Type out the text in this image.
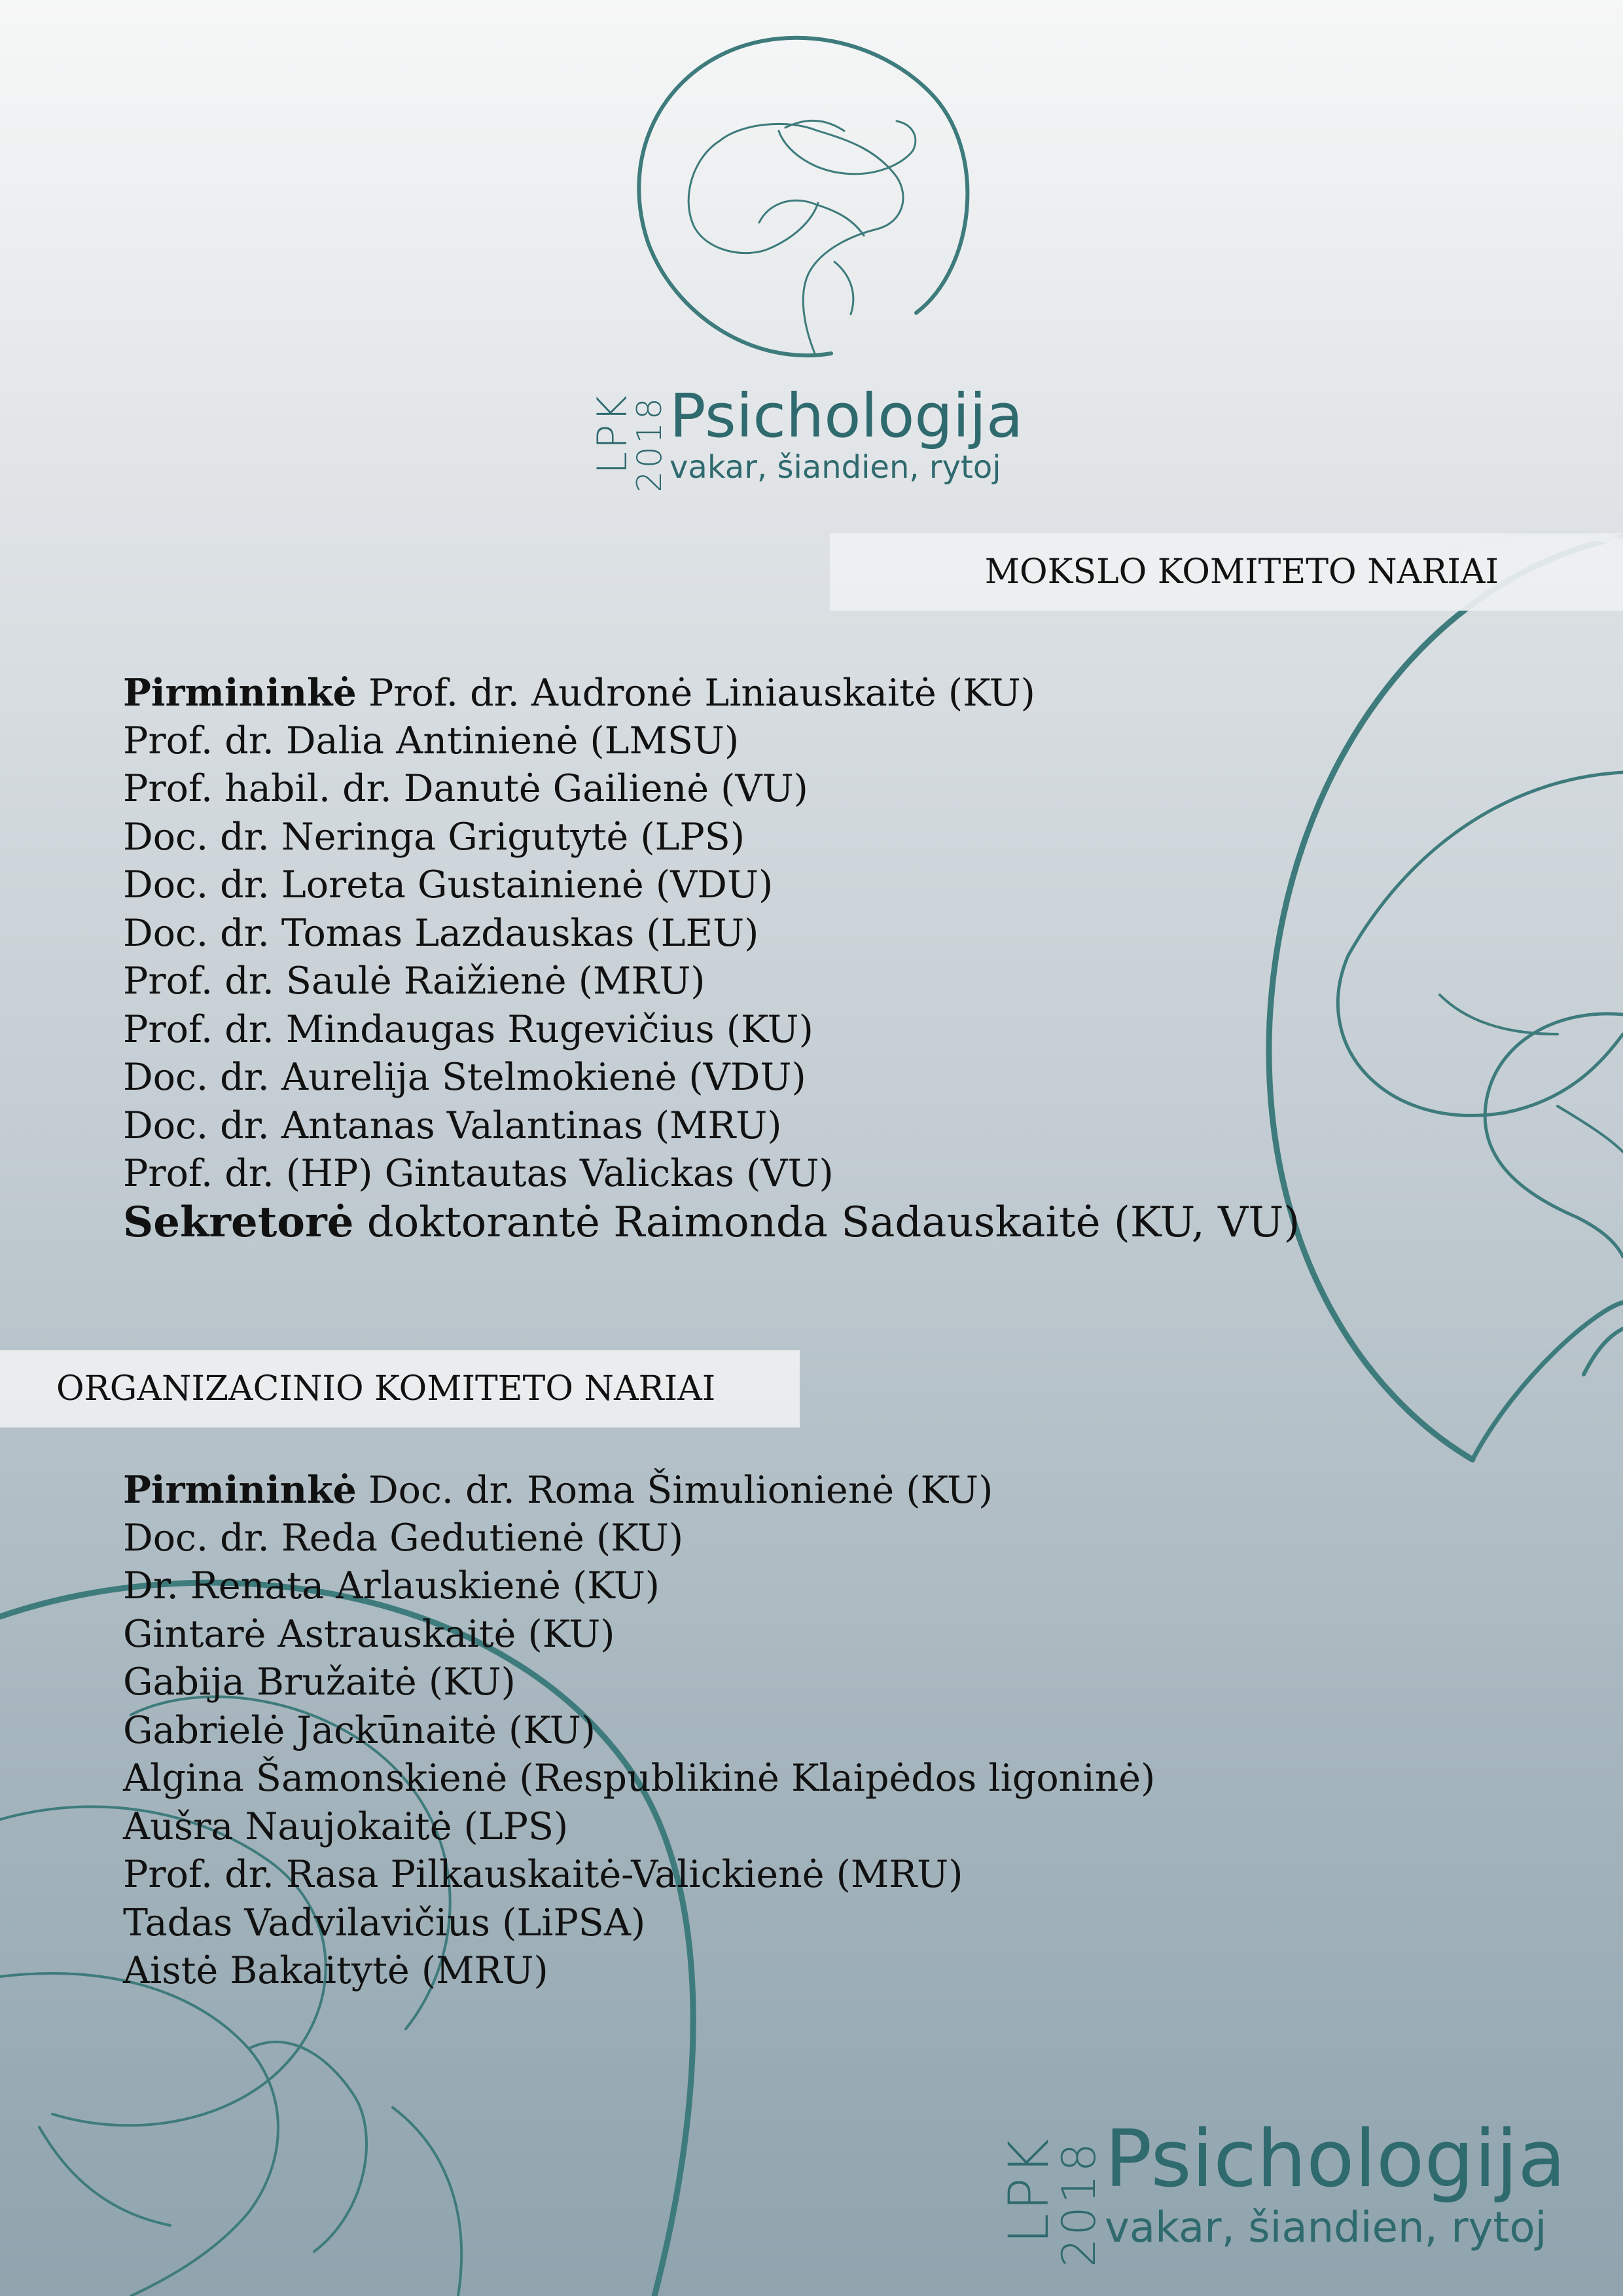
LPK
2018 Psichologija
vakar, šiandien, rytoj
MOKSLO KOMITETO NARIAI
Pirmininkė Prof. dr. Audronė Liniauskaitė (KU)
Prof. dr. Dalia Antinienė (LMSU)
Prof. habil. dr. Danutė Gailienė (VU)
Doc. dr. Neringa Grigutytė (LPS)
Doc. dr. Loreta Gustainienė (VDU)
Doc. dr. Tomas Lazdauskas (LEU)
Prof. dr. Saulė Raižienė (MRU)
Prof. dr. Mindaugas Rugevičius (KU)
Doc. dr. Aurelija Stelmokienė (VDU)
Doc. dr. Antanas Valantinas (MRU)
Prof. dr. (HP) Gintautas Valickas (VU)
Sekretorė doktorantė Raimonda Sadauskaitė (KU, VU)
ORGANIZACINIO KOMITETO NARIAI
Pirmininkė Doc. dr. Roma Šimulionienė (KU)
Doc. dr. Reda Gedutienė (KU)
Dr. Renata Arlauskienė (KU)
Gintarė Astrauskaitė (KU)
Gabija Bružaitė (KU)
Gabrielė Jackūnaitė (KU)
Algina Šamonskienė (Respublikinė Klaipėdos ligoninė)
Aušra Naujokaitė (LPS)
Prof. dr. Rasa Pilkauskaitė-Valickienė (MRU)
Tadas Vadvilavičius (LiPSA)
Aistė Bakaitytė (MRU)
LPK
2018
Psichologija
vakar, šiandien, rytoj
